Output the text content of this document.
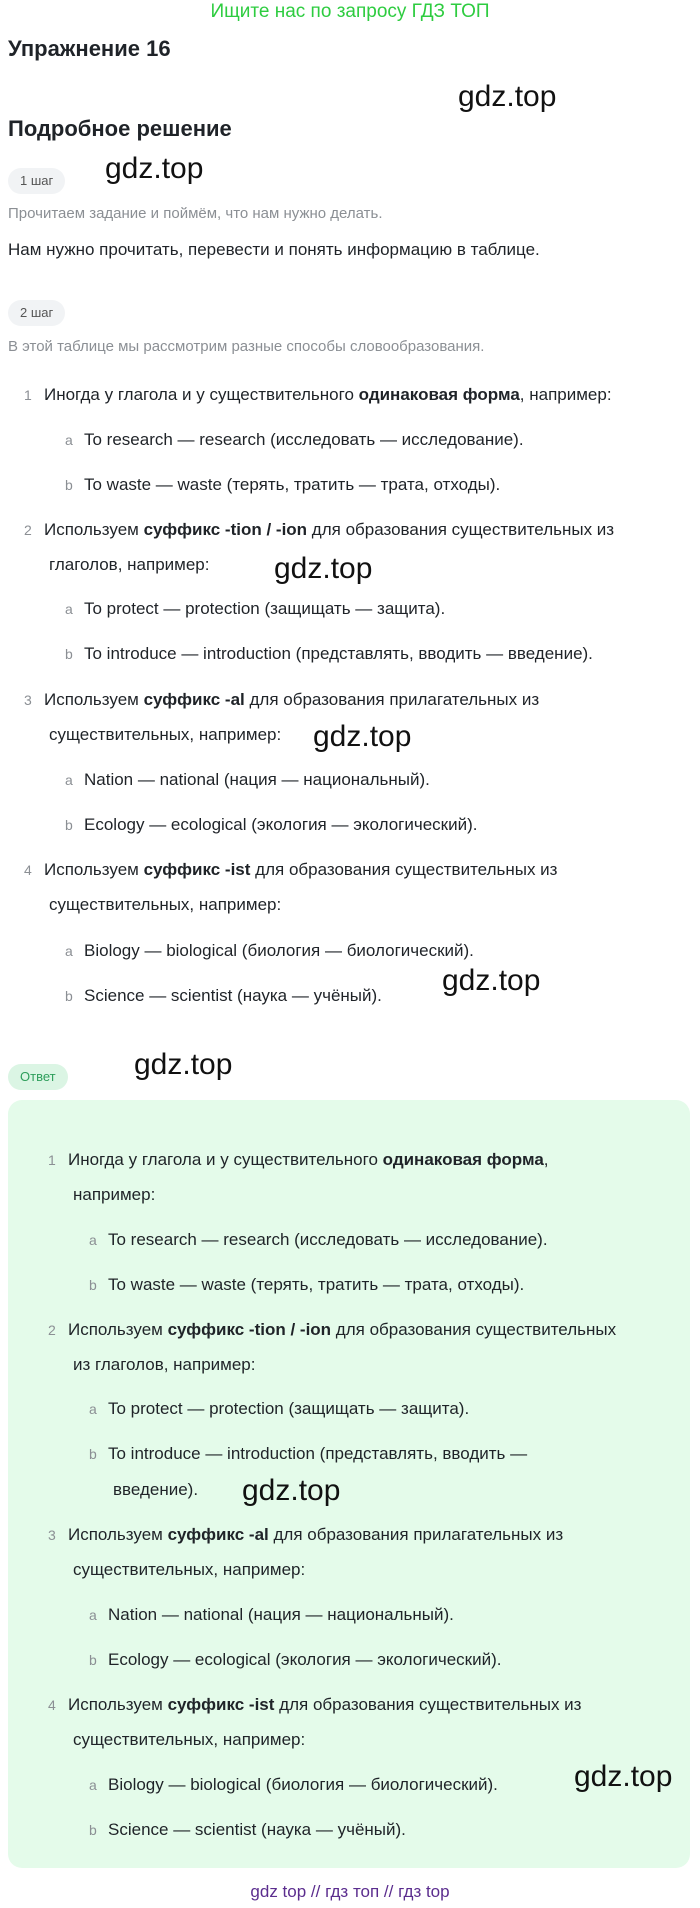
Ищите нас по запросу ГДЗ ТОП
Упражнение 16
gdz.top
Подробное решение
1 шаг	gdz.top
Прочитаем задание и поймём, что нам нужно делать.
Нам нужно прочитать, перевести и понять информацию в таблице.
2 шаг
В этой таблице мы рассмотрим разные способы словообразования.
1 Иногда у глагола и у существительного одинаковая форма, например:
a To research — research (исследовать — исследование).
b To waste — waste (терять, тратить — трата, отходы).
2 Используем суффикс -tion / -ion для образования существительных из
глаголов, например: gdz.top
a To protect — protection (защищать — защита).
b To introduce — introduction (представлять, вводить — введение).
3 Используем суффикс -al для образования прилагательных из
существительных, например: gdz.top
a Nation — national (нация — национальный).
b Ecology — ecological (экология — экологический).
4 Используем суффикс -ist для образования существительных из
существительных, например:
a Biology — biological (биология — биологический).
b Science — scientist (наука — учёный). gdz.top
Ответ	gdz.top
1 Иногда у глагола и у существительного одинаковая форма,
например:
a To research — research (исследовать — исследование).
b To waste — waste (терять, тратить — трата, отходы).
2 Используем суффикс -tion / -ion для образования существительных
из глаголов, например:
a To protect — protection (защищать — защита).
b To introduce — introduction (представлять, вводить —
введение). gdz.top
3 Используем суффикс -al для образования прилагательных из
существительных, например:
a Nation — national (нация — национальный).
b Ecology — ecological (экология — экологический).
4 Используем суффикс -ist для образования существительных из
существительных, например:
a Biology — biological (биология — биологический).	gdz.top
b Science — scientist (наука — учёный).
gdz top // гдз топ // гдз top
